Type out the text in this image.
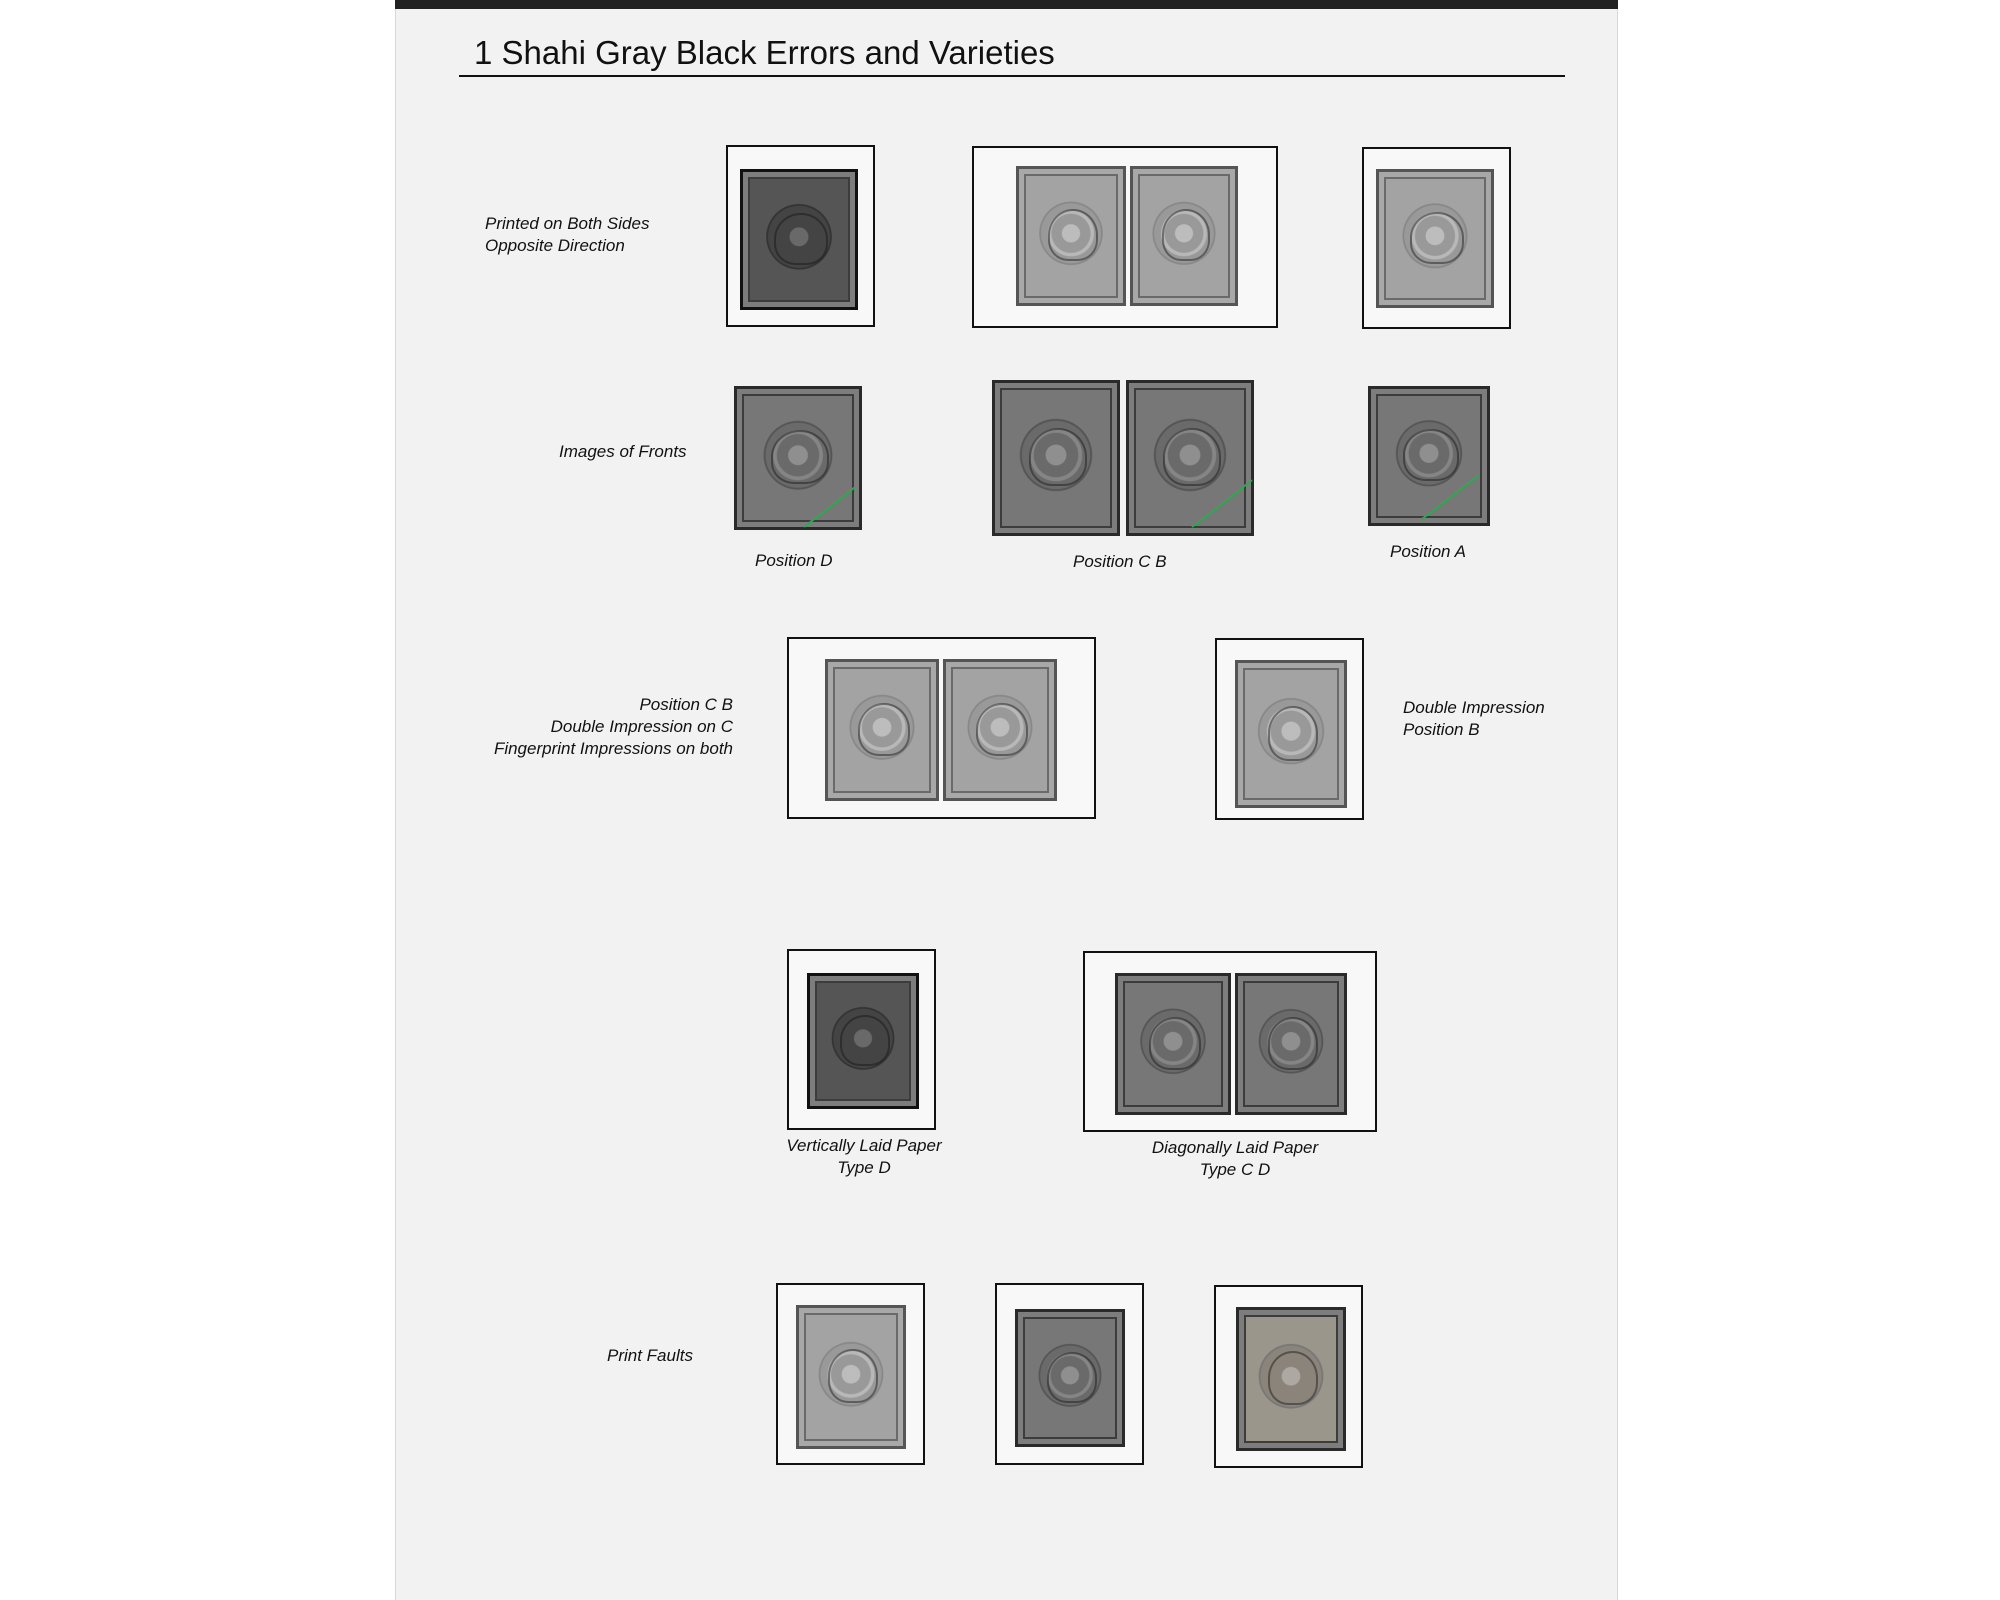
1 Shahi Gray Black Errors and Varieties
Printed on Both Sides
Opposite Direction
Images of Fronts
Position D	Position C B
Position A
Position C B
Double Impression on C
Fingerprint Impressions on both
Double Impression
Position B
Vertically Laid Paper
Type D
Diagonally Laid Paper
Type C D
Print Faults
